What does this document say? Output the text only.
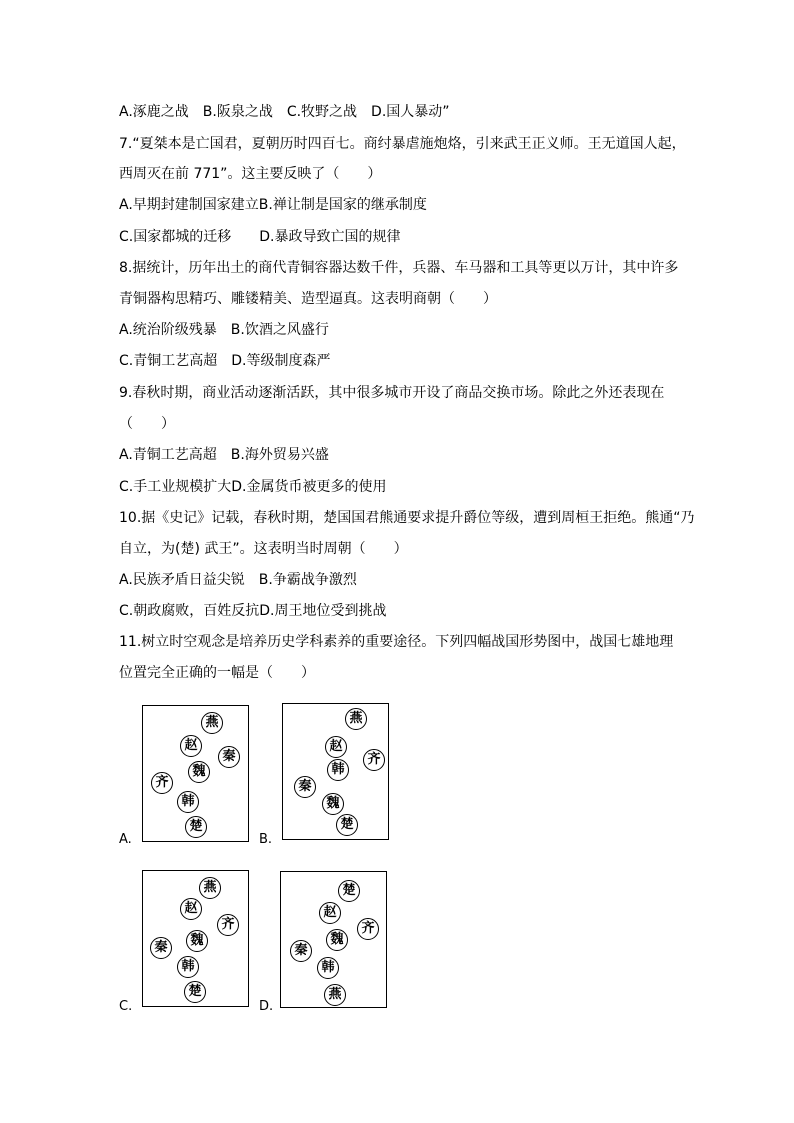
A.涿鹿之战　B.阪泉之战　C.牧野之战　D.国人暴动”
7.“夏桀本是亡国君，夏朝历时四百七。商纣暴虐施炮烙，引来武王正义师。王无道国人起，
西周灭在前 771”。这主要反映了（　　）
A.早期封建制国家建立B.禅让制是国家的继承制度
C.国家都城的迁移　　D.暴政导致亡国的规律
8.据统计，历年出土的商代青铜容器达数千件，兵器、车马器和工具等更以万计，其中许多
青铜器构思精巧、雕镂精美、造型逼真。这表明商朝（　　）
A.统治阶级残暴　B.饮酒之风盛行
C.青铜工艺高超　D.等级制度森严
9.春秋时期，商业活动逐渐活跃，其中很多城市开设了商品交换市场。除此之外还表现在
（　　）
A.青铜工艺高超　B.海外贸易兴盛
C.手工业规模扩大D.金属货币被更多的使用
10.据《史记》记载，春秋时期，楚国国君熊通要求提升爵位等级，遭到周桓王拒绝。熊通“乃
自立，为(楚) 武王”。这表明当时周朝（　　）
A.民族矛盾日益尖锐　B.争霸战争激烈
C.朝政腐败，百姓反抗D.周王地位受到挑战
11.树立时空观念是培养历史学科素养的重要途径。下列四幅战国形势图中，战国七雄地理
位置完全正确的一幅是（　　）
A.
燕
赵
秦
魏
齐
韩
楚
B.
燕
赵
齐
韩
秦
魏
楚
C.
燕
赵
齐
秦	魏
韩
楚
D.
楚
赵
齐
秦
魏
韩
燕
